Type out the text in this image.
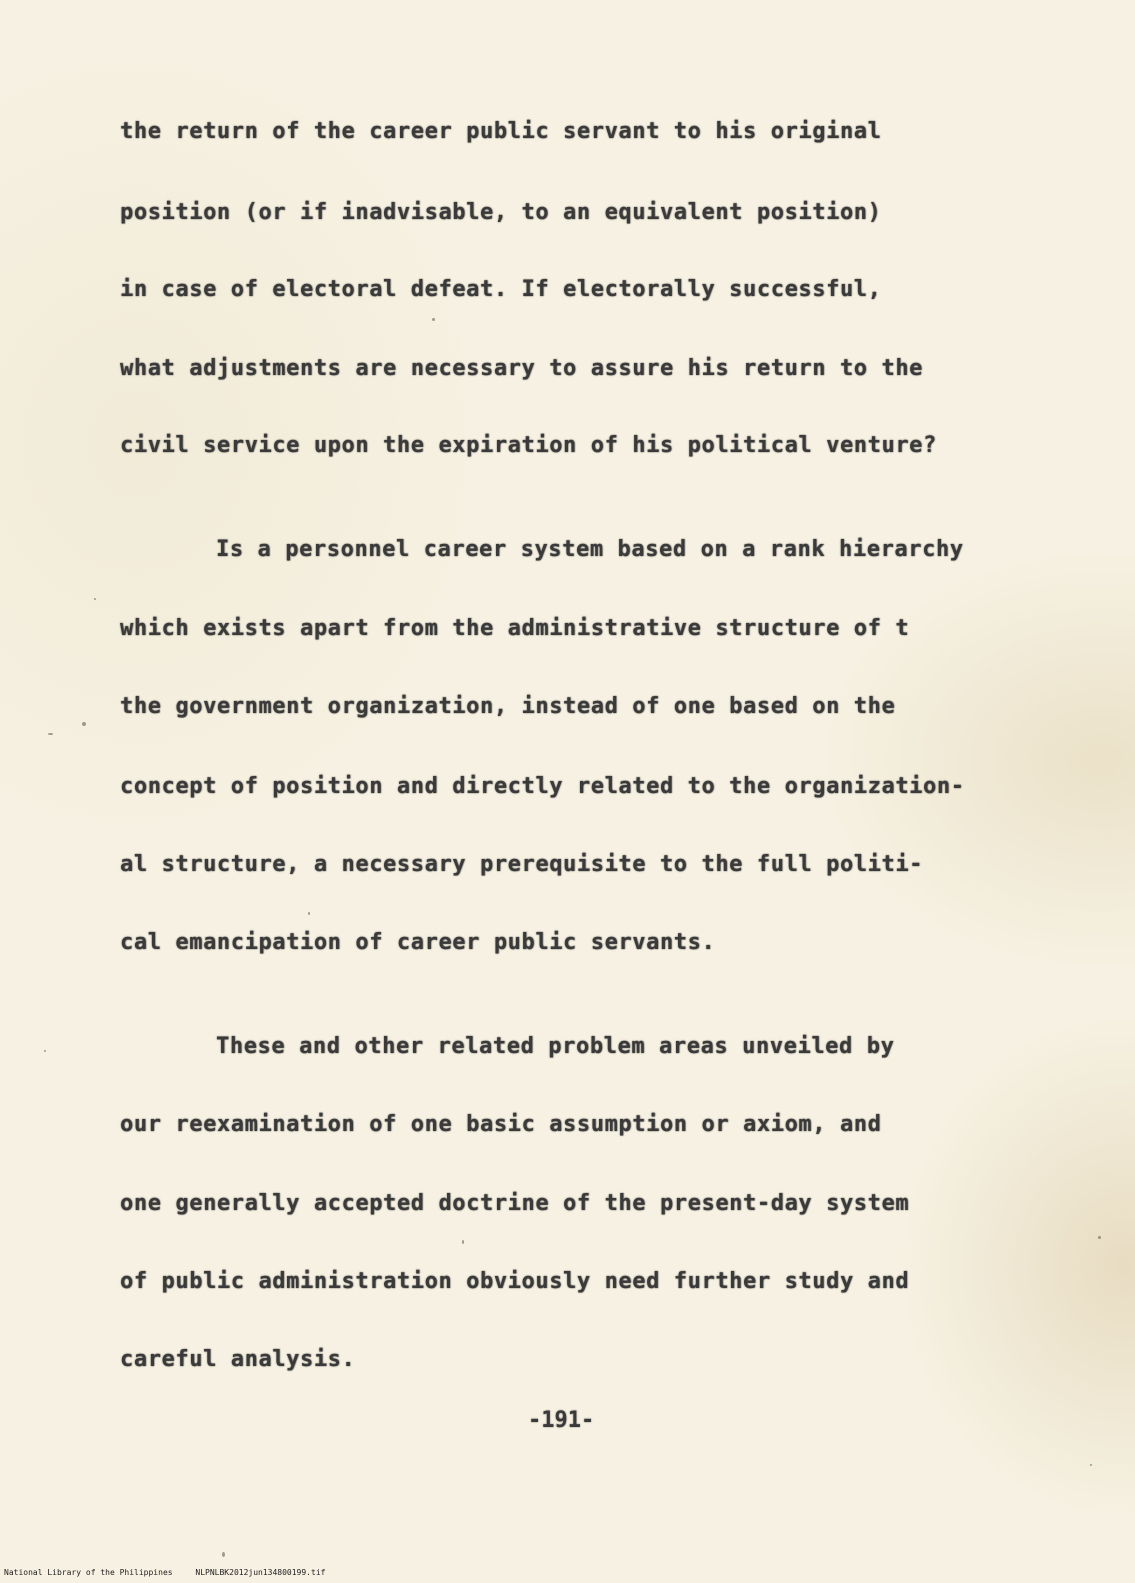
the return of the career public servant to his original
position (or if inadvisable, to an equivalent position)
in case of electoral defeat. If electorally successful,
what adjustments are necessary to assure his return to the
civil service upon the expiration of his political venture?
Is a personnel career system based on a rank hierarchy
which exists apart from the administrative structure of t
the government organization, instead of one based on the
concept of position and directly related to the organization-
al structure, a necessary prerequisite to the full politi-
cal emancipation of career public servants.
These and other related problem areas unveiled by
our reexamination of one basic assumption or axiom, and
one generally accepted doctrine of the present-day system
of public administration obviously need further study and
careful analysis.
-191-
National Library of the Philippines	NLPNLBK2012jun134800199.tif
